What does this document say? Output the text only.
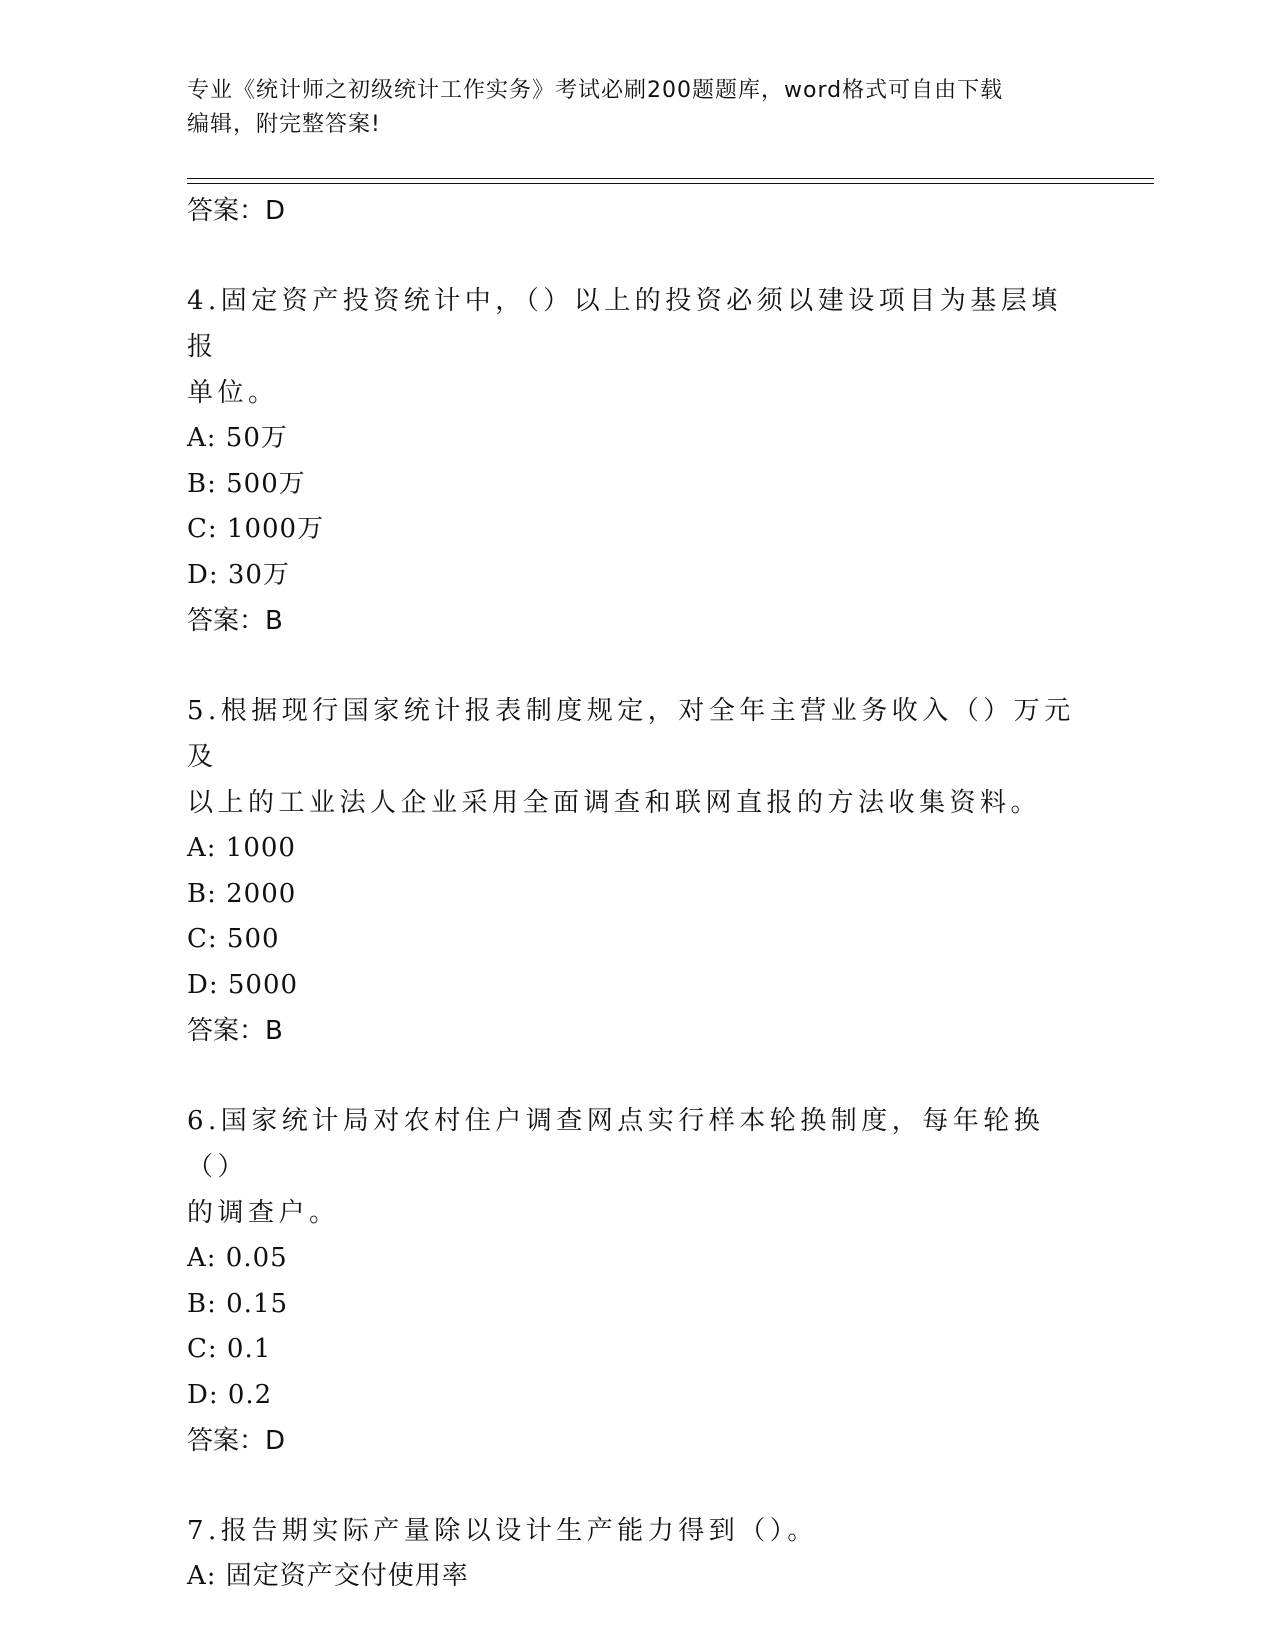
专业《统计师之初级统计工作实务》考试必刷200题题库，word格式可自由下载
编辑，附完整答案!
答案：D
4.固定资产投资统计中，（）以上的投资必须以建设项目为基层填报
单位。
A: 50万
B: 500万
C: 1000万
D: 30万
答案：B
5.根据现行国家统计报表制度规定，对全年主营业务收入（）万元及
以上的工业法人企业采用全面调查和联网直报的方法收集资料。
A: 1000
B: 2000
C: 500
D: 5000
答案：B
6.国家统计局对农村住户调查网点实行样本轮换制度，每年轮换（）
的调查户。
A: 0.05
B: 0.15
C: 0.1
D: 0.2
答案：D
7.报告期实际产量除以设计生产能力得到（）。
A: 固定资产交付使用率
